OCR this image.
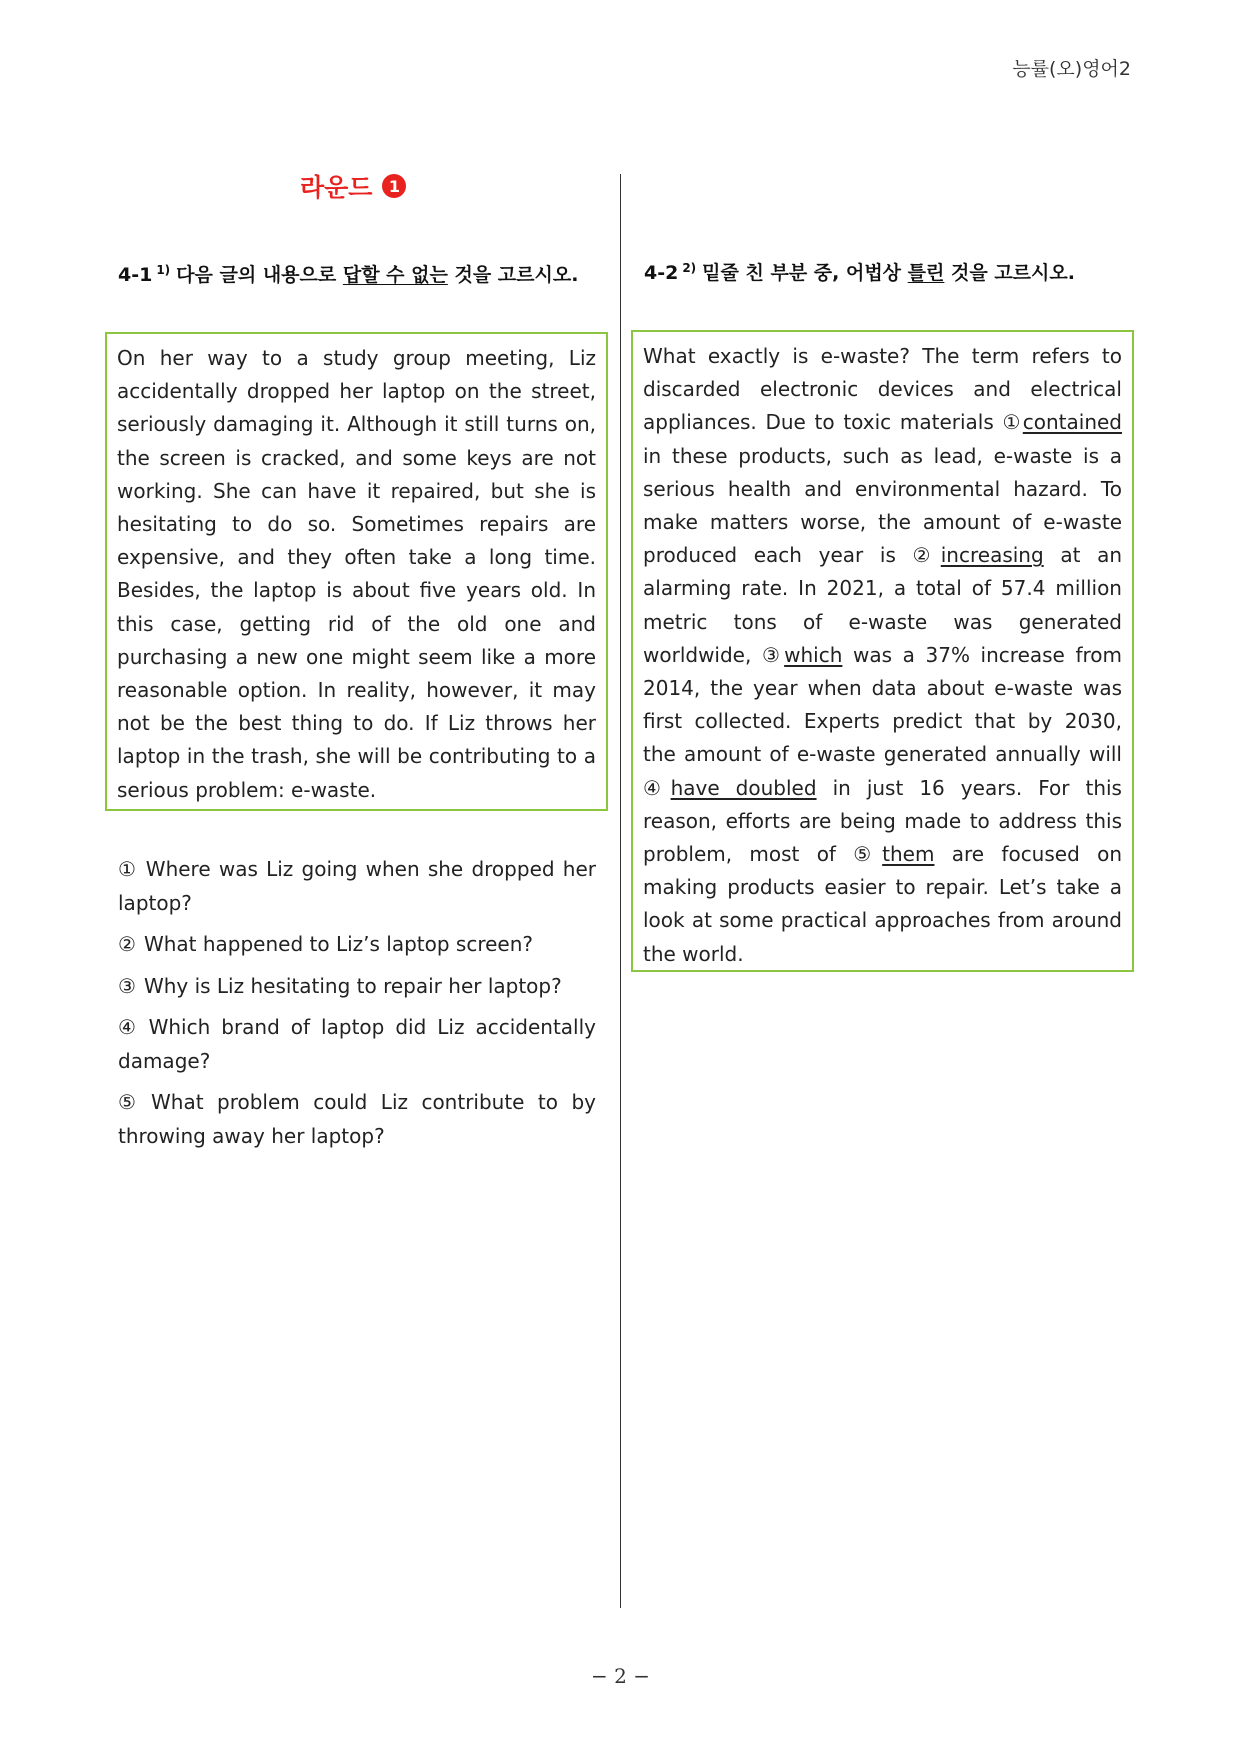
능률(오)영어2
라운드	1
4-1 $^{1)}$ 다음 글의 내용으로 답할 수 없는 것을 고르시오.	4-2 $^{2)}$ 밑줄 친 부분 중, 어법상 틀린 것을 고르시오.
On her way to a study group meeting, Liz accidentally dropped her laptop on the street, seriously damaging it. Although it still turns on, the screen is cracked, and some keys are not working. She can have it repaired, but she is hesitating to do so. Sometimes repairs are expensive, and they often take a long time. Besides, the laptop is about five years old. In this case, getting rid of the old one and purchasing a new one might seem like a more reasonable option. In reality, however, it may not be the best thing to do. If Liz throws her laptop in the trash, she will be contributing to a serious problem: e-waste.
① Where was Liz going when she dropped her laptop?
② What happened to Liz’s laptop screen?
③ Why is Liz hesitating to repair her laptop?
④ Which brand of laptop did Liz accidentally damage?
⑤ What problem could Liz contribute to by throwing away her laptop?
What exactly is e-waste? The term refers to discarded electronic devices and electrical appliances. Due to toxic materials ①contained in these products, such as lead, e-waste is a serious health and environmental hazard. To make matters worse, the amount of e-waste produced each year is ②increasing at an alarming rate. In 2021, a total of 57.4 million metric tons of e-waste was generated worldwide, ③which was a 37% increase from 2014, the year when data about e-waste was first collected. Experts predict that by 2030, the amount of e-waste generated annually will ④have doubled in just 16 years. For this reason, efforts are being made to address this problem, most of ⑤them are focused on making products easier to repair. Let’s take a look at some practical approaches from around the world.
− 2 −
